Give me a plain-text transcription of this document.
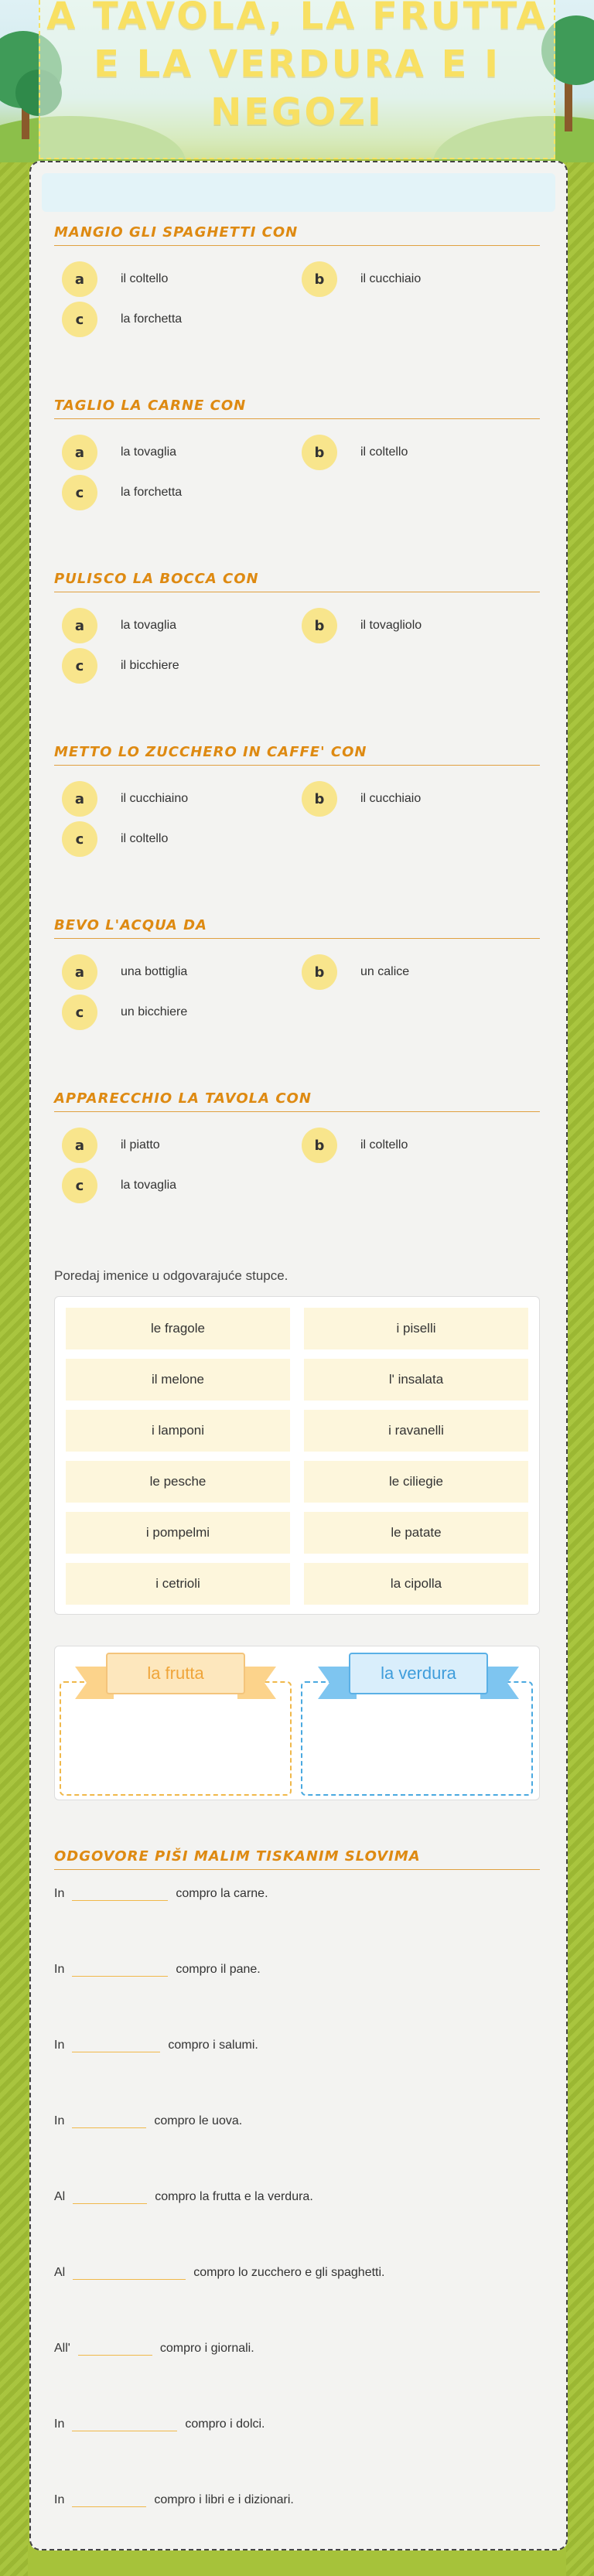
A TAVOLA, LA FRUTTA E LA VERDURA E I NEGOZI
MANGIO GLI SPAGHETTI CON
a	il coltello	b	il cucchiaio
c	la forchetta
TAGLIO LA CARNE CON
a	la tovaglia	b	il coltello
c	la forchetta
PULISCO LA BOCCA CON
a	la tovaglia	b	il tovagliolo
c	il bicchiere
METTO LO ZUCCHERO IN CAFFE' CON
a	il cucchiaino	b	il cucchiaio
c	il coltello
BEVO L'ACQUA DA
a	una bottiglia	b	un calice
c	un bicchiere
APPARECCHIO LA TAVOLA CON
a	il piatto	b	il coltello
c	la tovaglia
Poredaj imenice u odgovarajuće stupce.
le fragole	i piselli
il melone	l' insalata
i lamponi	i ravanelli
le pesche	le ciliegie
i pompelmi	le patate
i cetrioli	la cipolla
la frutta	la verdura
ODGOVORE PIŠI MALIM TISKANIM SLOVIMA
In	compro la carne.
In	compro il pane.
In	compro i salumi.
In	compro le uova.
Al	compro la frutta e la verdura.
Al	compro lo zucchero e gli spaghetti.
All'	compro i giornali.
In	compro i dolci.
In	compro i libri e i dizionari.
